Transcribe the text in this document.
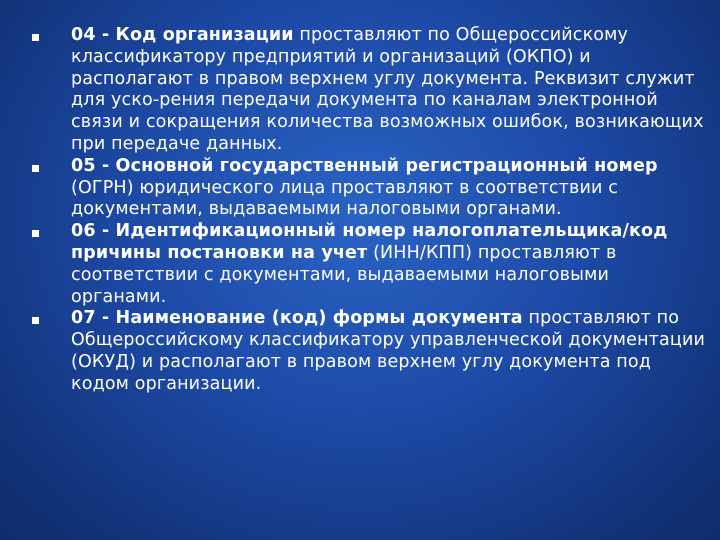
04 - Код организации проставляют по Общероссийскому классификатору предприятий и организаций (ОКПО) и располагают в правом верхнем углу документа. Реквизит служит для уско-рения передачи документа по каналам электронной связи и сокращения количества возможных ошибок, возникающих при передаче данных.
05 - Основной государственный регистрационный номер (ОГРН) юридического лица проставляют в соответствии с документами, выдаваемыми налоговыми органами.
06 - Идентификационный номер налогоплательщика/код причины постановки на учет (ИНН/КПП) проставляют в соответствии с документами, выдаваемыми налоговыми органами.
07 - Наименование (код) формы документа проставляют по Общероссийскому классификатору управленческой документации (ОКУД) и располагают в правом верхнем углу документа под кодом организации.
